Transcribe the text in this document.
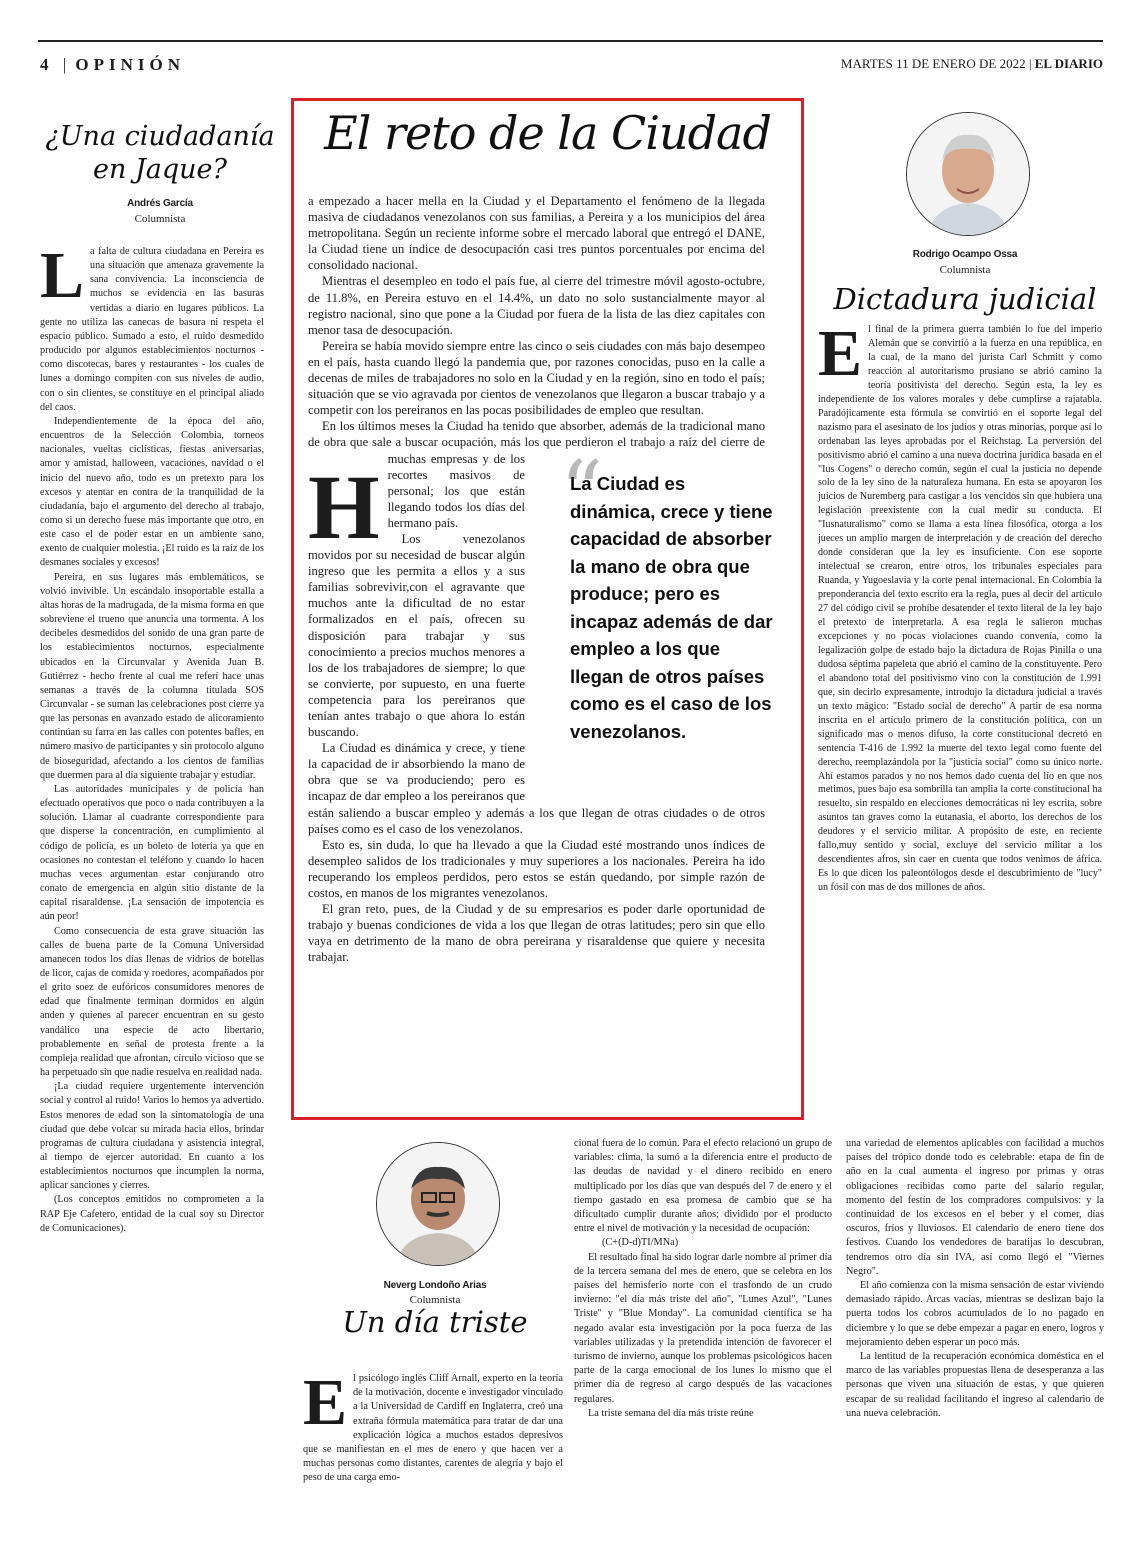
4 | OPINIÓN	MARTES 11 DE ENERO DE 2022 | EL DIARIO
¿Una ciudadanía
en Jaque?
Andrés García
Columnista

La falta de cultura ciudadana en Pereira es una situación que amenaza gravemente la sana convivencia. La inconsciencia de muchos se evidencia en las basuras vertidas a diario en lugares públicos. La gente no utiliza las canecas de basura ni respeta el espacio público. Sumado a esto, el ruido desmedido producido por algunos establecimientos nocturnos - como discotecas, bares y restaurantes - los cuales de lunes a domingo compiten con sus niveles de audio, con o sin clientes, se constituye en el principal aliado del caos.

Independientemente de la época del año, encuentros de la Selección Colombia, torneos nacionales, vueltas ciclísticas, fiestas aniversarias, amor y amistad, halloween, vacaciones, navidad o el inicio del nuevo año, todo es un pretexto para los excesos y atentar en contra de la tranquilidad de la ciudadanía, bajo el argumento del derecho al trabajo, como si un derecho fuese más importante que otro, en este caso el de poder estar en un ambiente sano, exento de cualquier molestia. ¡El ruido es la raíz de los desmanes sociales y excesos!

Pereira, en sus lugares más emblemáticos, se volvió invivible. Un escándalo insoportable estalla a altas horas de la madrugada, de la misma forma en que sobreviene el trueno que anuncia una tormenta. A los decibeles desmedidos del sonido de una gran parte de los establecimientos nocturnos, especialmente ubicados en la Circunvalar y Avenida Juan B. Gutiérrez - hecho frente al cual me referí hace unas semanas a través de la columna titulada SOS Circunvalar - se suman las celebraciones post cierre ya que las personas en avanzado estado de alicoramiento continúan su farra en las calles con potentes bafles, en número masivo de participantes y sin protocolo alguno de bioseguridad, afectando a los cientos de familias que duermen para al día siguiente trabajar y estudiar.

Las autoridades municipales y de policía han efectuado operativos que poco o nada contribuyen a la solución. Llamar al cuadrante correspondiente para que disperse la concentración, en cumplimiento al código de policía, es un boleto de lotería ya que en ocasiones no contestan el teléfono y cuando lo hacen muchas veces argumentan estar conjurando otro conato de emergencia en algún sitio distante de la capital risaraldense. ¡La sensación de impotencia es aún peor!

Como consecuencia de esta grave situación las calles de buena parte de la Comuna Universidad amanecen todos los días llenas de vidrios de botellas de licor, cajas de comida y roedores, acompañados por el grito soez de eufóricos consumidores menores de edad que finalmente terminan dormidos en algún anden y quienes al parecer encuentran en su gesto vandálico una especie de acto libertario, probablemente en señal de protesta frente a la compleja realidad que afrontan, círculo vicioso que se ha perpetuado sin que nadie resuelva en realidad nada.

¡La ciudad requiere urgentemente intervención social y control al ruido! Varios lo hemos ya advertido. Estos menores de edad son la sintomatología de una ciudad que debe volcar su mirada hacia ellos, brindar programas de cultura ciudadana y asistencia integral, al tiempo de ejercer autoridad. En cuanto a los establecimientos nocturnos que incumplen la norma, aplicar sanciones y cierres.

(Los conceptos emitidos no comprometen a la RAP Eje Cafetero, entidad de la cual soy su Director de Comunicaciones).

El reto de la Ciudad

H
a empezado a hacer mella en la Ciudad y el Departamento el fenómeno de la llegada masiva de ciudadanos venezolanos con sus familias, a Pereira y a los municipios del área metropolitana. Según un reciente informe sobre el mercado laboral que entregó el DANE, la Ciudad tiene un índice de desocupación casi tres puntos porcentuales por encima del consolidado nacional.

Mientras el desempleo en todo el país fue, al cierre del trimestre móvil agosto-octubre, de 11.8%, en Pereira estuvo en el 14.4%, un dato no solo sustancialmente mayor al registro nacional, sino que pone a la Ciudad por fuera de la lista de las diez capitales con menor tasa de desocupación.

Pereira se había movido siempre entre las cinco o seis ciudades con más bajo desempeo en el país, hasta cuando llegó la pandemia que, por razones conocidas, puso en la calle a decenas de miles de trabajadores no solo en la Ciudad y en la región, sino en todo el país; situación que se vio agravada por cientos de venezolanos que llegaron a buscar trabajo y a competir con los pereiranos en las pocas posibilidades de empleo que resultan.

En los últimos meses la Ciudad ha tenido que absorber, además de la tradicional mano de obra que sale a buscar ocupación, más los que perdieron el trabajo a raíz del cierre de muchas empresas y de los recortes masivos de personal; los que están llegando todos los días del hermano país.

Los venezolanos movidos por su necesidad de buscar algún ingreso que les permita a ellos y a sus familias sobrevivir,con el agravante que muchos ante la dificultad de no estar formalizados en el país, ofrecen su disposición para trabajar y sus conocimiento a precios muchos menores a los de los trabajadores de siempre; lo que se convierte, por supuesto, en una fuerte competencia para los pereiranos que tenían antes trabajo o que ahora lo están buscando.

La Ciudad es dinámica y crece, y tiene la capacidad de ir absorbiendo la mano de obra que se va produciendo; pero es incapaz de dar empleo a los pereiranos que están saliendo a buscar empleo y además a los que llegan de otras ciudades o de otros países como es el caso de los venezolanos.

Esto es, sin duda, lo que ha llevado a que la Ciudad esté mostrando unos índices de desempleo salidos de los tradicionales y muy superiores a los nacionales. Pereira ha ido recuperando los empleos perdidos, pero estos se están quedando, por simple razón de costos, en manos de los migrantes venezolanos.

El gran reto, pues, de la Ciudad y de su empresarios es poder darle oportunidad de trabajo y buenas condiciones de vida a los que llegan de otras latitudes; pero sin que ello vaya en detrimento de la mano de obra pereirana y risaraldense que quiere y necesita trabajar.

“
La Ciudad es dinámica, crece y tiene capacidad de absorber la mano de obra que produce; pero es incapaz además de dar empleo a los que llegan de otros países como es el caso de los venezolanos.
Rodrigo Ocampo Ossa
Columnista
Dictadura judicial

El final de la primera guerra también lo fue del imperio Alemán que se convirtió a la fuerza en una república, en la cual, de la mano del jurista Carl Schmitt y como reacción al autoritarismo prusiano se abrió camino la teoría positivista del derecho. Según esta, la ley es independiente de los valores morales y debe cumplirse a rajatabla. Paradójicamente esta fórmula se convirtió en el soporte legal del nazismo para el asesinato de los judíos y otras minorías, porque así lo ordenaban las leyes aprobadas por el Reichstag. La perversión del positivismo abrió el camino a una nueva doctrina jurídica basada en el "Ius Cogens" o derecho común, según el cual la justicia no depende solo de la ley sino de la naturaleza humana. En esta se apoyaron los juicios de Nuremberg para castigar a los vencidos sin que hubiera una legislación preexistente con la cual medir su conducta. El "Iusnaturalismo" como se llama a esta línea filosófica, otorga a los jueces un amplio margen de interpretación y de creación del derecho donde consideran que la ley es insuficiente. Con ese soporte intelectual se crearon, entre otros, los tribunales especiales para Ruanda, y Yugoeslavia y la corte penal internacional. En Colombia la preponderancia del texto escrito era la regla, pues al decir del artículo 27 del código civil se prohíbe desatender el texto literal de la ley bajo el pretexto de interpretarla. A esa regla le salieron muchas excepciones y no pocas violaciones cuando convenía, como la legalización golpe de estado bajo la dictadura de Rojas Pinilla o una dudosa séptima papeleta que abrió el camino de la constituyente. Pero el abandono total del positivismo vino con la constitución de 1.991 que, sin decirlo expresamente, introdujo la dictadura judicial a través un texto mágico: "Estado social de derecho" A partir de esa norma inscrita en el artículo primero de la constitución política, con un significado mas o menos difuso, la corte constitucional decretó en sentencia T-416 de 1.992 la muerte del texto legal como fuente del derecho, reemplazándola por la "justicia social" como su único norte. Ahí estamos parados y no nos hemos dado cuenta del lío en que nos metimos, pues bajo esa sombrilla tan amplia la corte constitucional ha resuelto, sin respaldo en elecciones democráticas ni ley escrita, sobre asuntos tan graves como la eutanasia, el aborto, los derechos de los deudores y el servicio militar. A propósito de este, en reciente fallo,muy sentido y social, excluye del servicio militar a los descendientes afros, sin caer en cuenta que todos venimos de áfrica. Es lo que dicen los paleontólogos desde el descubrimiento de "lucy" un fósil con mas de dos millones de años.

Neverg Londoño Arias
Columnista
Un día triste

El psicólogo inglés Cliff Arnall, experto en la teoría de la motivación, docente e investigador vinculado a la Universidad de Cardiff en Inglaterra, creó una extraña fórmula matemática para tratar de dar una explicación lógica a muchos estados depresivos que se manifiestan en el mes de enero y que hacen ver a muchas personas como distantes, carentes de alegría y bajo el peso de una carga emo-

cional fuera de lo común. Para el efecto relacionó un grupo de variables: clima, la sumó a la diferencia entre el producto de las deudas de navidad y el dinero recibido en enero multiplicado por los días que van después del 7 de enero y el tiempo gastado en esa promesa de cambio que se ha dificultado cumplir durante años; dividido por el producto entre el nivel de motivación y la necesidad de ocupación:

(C+(D-d)TI/MNa)

El resultado final ha sido lograr darle nombre al primer día de la tercera semana del mes de enero, que se celebra en los países del hemisferio norte con el trasfondo de un crudo invierno: "el día más triste del año", "Lunes Azul", "Lunes Triste" y "Blue Monday". La comunidad científica se ha negado avalar esta investigación por la poca fuerza de las variables utilizadas y la pretendida intención de favorecer el turismo de invierno, aunque los problemas psicológicos hacen parte de la carga emocional de los lunes lo mismo que el primer día de regreso al cargo después de las vacaciones regulares.

La triste semana del día más triste reúne

una variedad de elementos aplicables con facilidad a muchos países del trópico donde todo es celebrable: etapa de fin de año en la cual aumenta el ingreso por primas y otras obligaciones recibidas como parte del salario regular, momento del festín de los compradores compulsivos: y la continuidad de los excesos en el beber y el comer, días oscuros, fríos y lluviosos. El calendario de enero tiene dos festivos. Cuando los vendedores de baratijas lo descubran, tendremos otro día sin IVA, así como llegó el "Viernes Negro".

El año comienza con la misma sensación de estar viviendo demasiado rápido. Arcas vacías, mientras se deslizan bajo la puerta todos los cobros acumulados de lo no pagado en diciembre y lo que se debe empezar a pagar en enero, logros y mejoramiento deben esperar un poco más.

La lentitud de la recuperación económica doméstica en el marco de las variables propuestas llena de desesperanza a las personas que viven una situación de estas, y que quieren escapar de su realidad facilitando el ingreso al calendario de una nueva celebración.
